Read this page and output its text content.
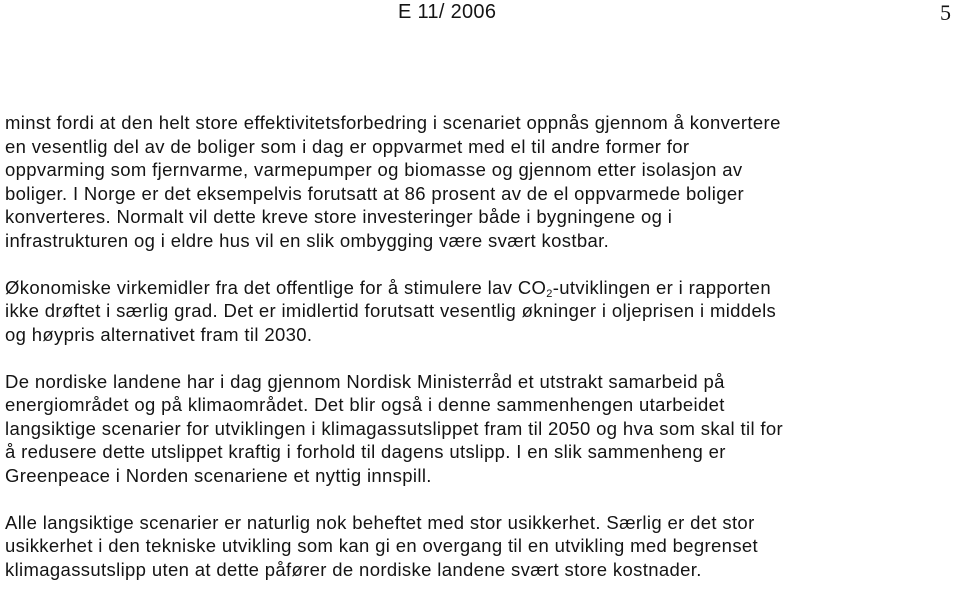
E 11/ 2006	5
minst fordi at den helt store effektivitetsforbedring i scenariet oppnås gjennom å konvertere
en vesentlig del av de boliger som i dag er oppvarmet med el til andre former for
oppvarming som fjernvarme, varmepumper og biomasse og gjennom etter isolasjon av
boliger. I Norge er det eksempelvis forutsatt at 86 prosent av de el oppvarmede boliger
konverteres. Normalt vil dette kreve store investeringer både i bygningene og i
infrastrukturen og i eldre hus vil en slik ombygging være svært kostbar.
Økonomiske virkemidler fra det offentlige for å stimulere lav $CO_2$-utviklingen er i rapporten
ikke drøftet i særlig grad. Det er imidlertid forutsatt vesentlig økninger i oljeprisen i middels
og høypris alternativet fram til 2030.
De nordiske landene har i dag gjennom Nordisk Ministerråd et utstrakt samarbeid på
energiområdet og på klimaområdet. Det blir også i denne sammenhengen utarbeidet
langsiktige scenarier for utviklingen i klimagassutslippet fram til 2050 og hva som skal til for
å redusere dette utslippet kraftig i forhold til dagens utslipp. I en slik sammenheng er
Greenpeace i Norden scenariene et nyttig innspill.
Alle langsiktige scenarier er naturlig nok beheftet med stor usikkerhet. Særlig er det stor
usikkerhet i den tekniske utvikling som kan gi en overgang til en utvikling med begrenset
klimagassutslipp uten at dette påfører de nordiske landene svært store kostnader.
